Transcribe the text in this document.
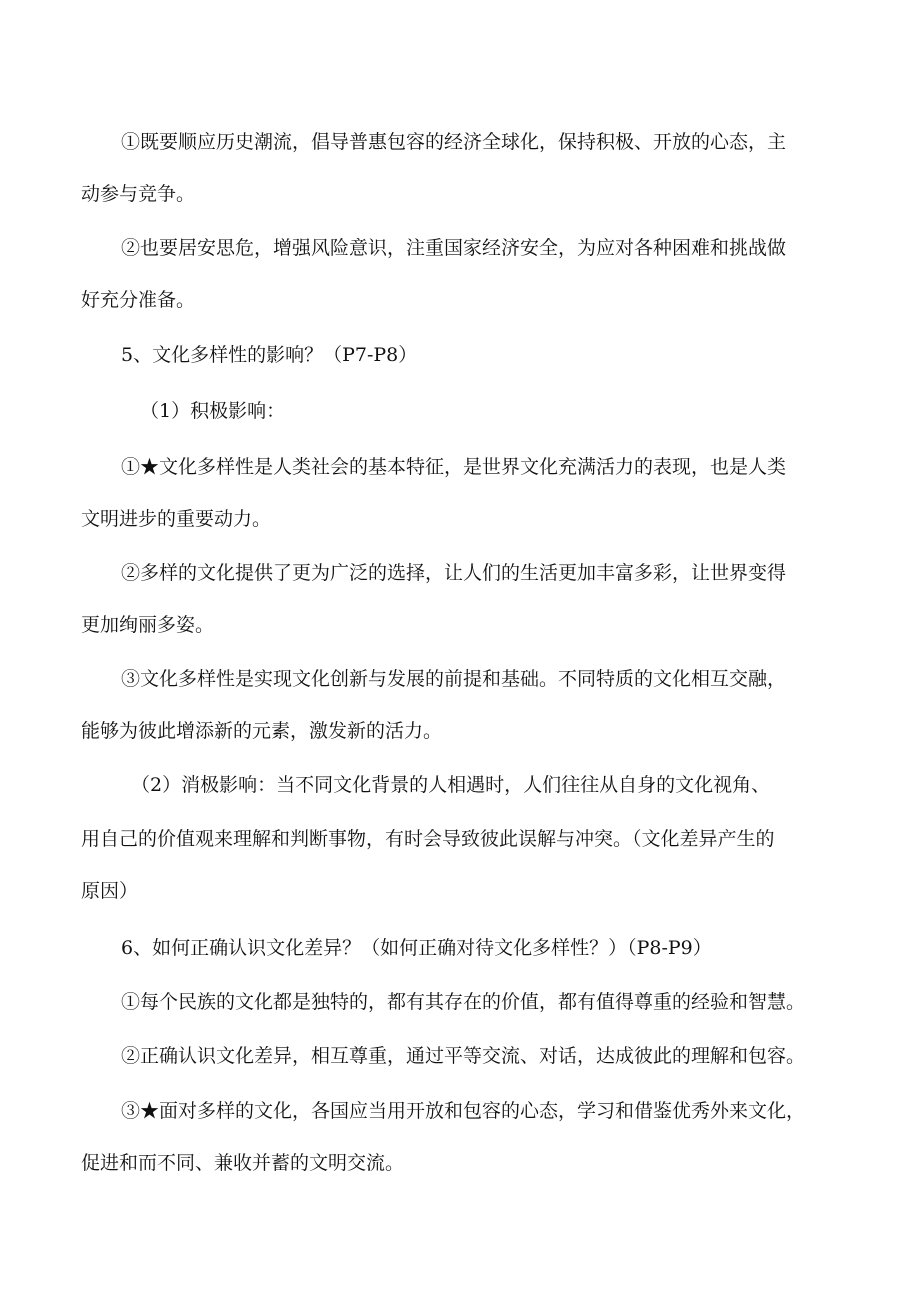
①既要顺应历史潮流，倡导普惠包容的经济全球化，保持积极、开放的心态，主

动参与竞争。

②也要居安思危，增强风险意识，注重国家经济安全，为应对各种困难和挑战做

好充分准备。

5、文化多样性的影响？（P7-P8）

（1）积极影响：

①★文化多样性是人类社会的基本特征，是世界文化充满活力的表现，也是人类

文明进步的重要动力。

②多样的文化提供了更为广泛的选择，让人们的生活更加丰富多彩，让世界变得

更加绚丽多姿。

③文化多样性是实现文化创新与发展的前提和基础。不同特质的文化相互交融，

能够为彼此增添新的元素，激发新的活力。

（2）消极影响：当不同文化背景的人相遇时，人们往往从自身的文化视角、

用自己的价值观来理解和判断事物，有时会导致彼此误解与冲突。（文化差异产生的

原因）

6、如何正确认识文化差异？（如何正确对待文化多样性？）（P8-P9）

①每个民族的文化都是独特的，都有其存在的价值，都有值得尊重的经验和智慧。

②正确认识文化差异，相互尊重，通过平等交流、对话，达成彼此的理解和包容。

③★面对多样的文化，各国应当用开放和包容的心态，学习和借鉴优秀外来文化，

促进和而不同、兼收并蓄的文明交流。
